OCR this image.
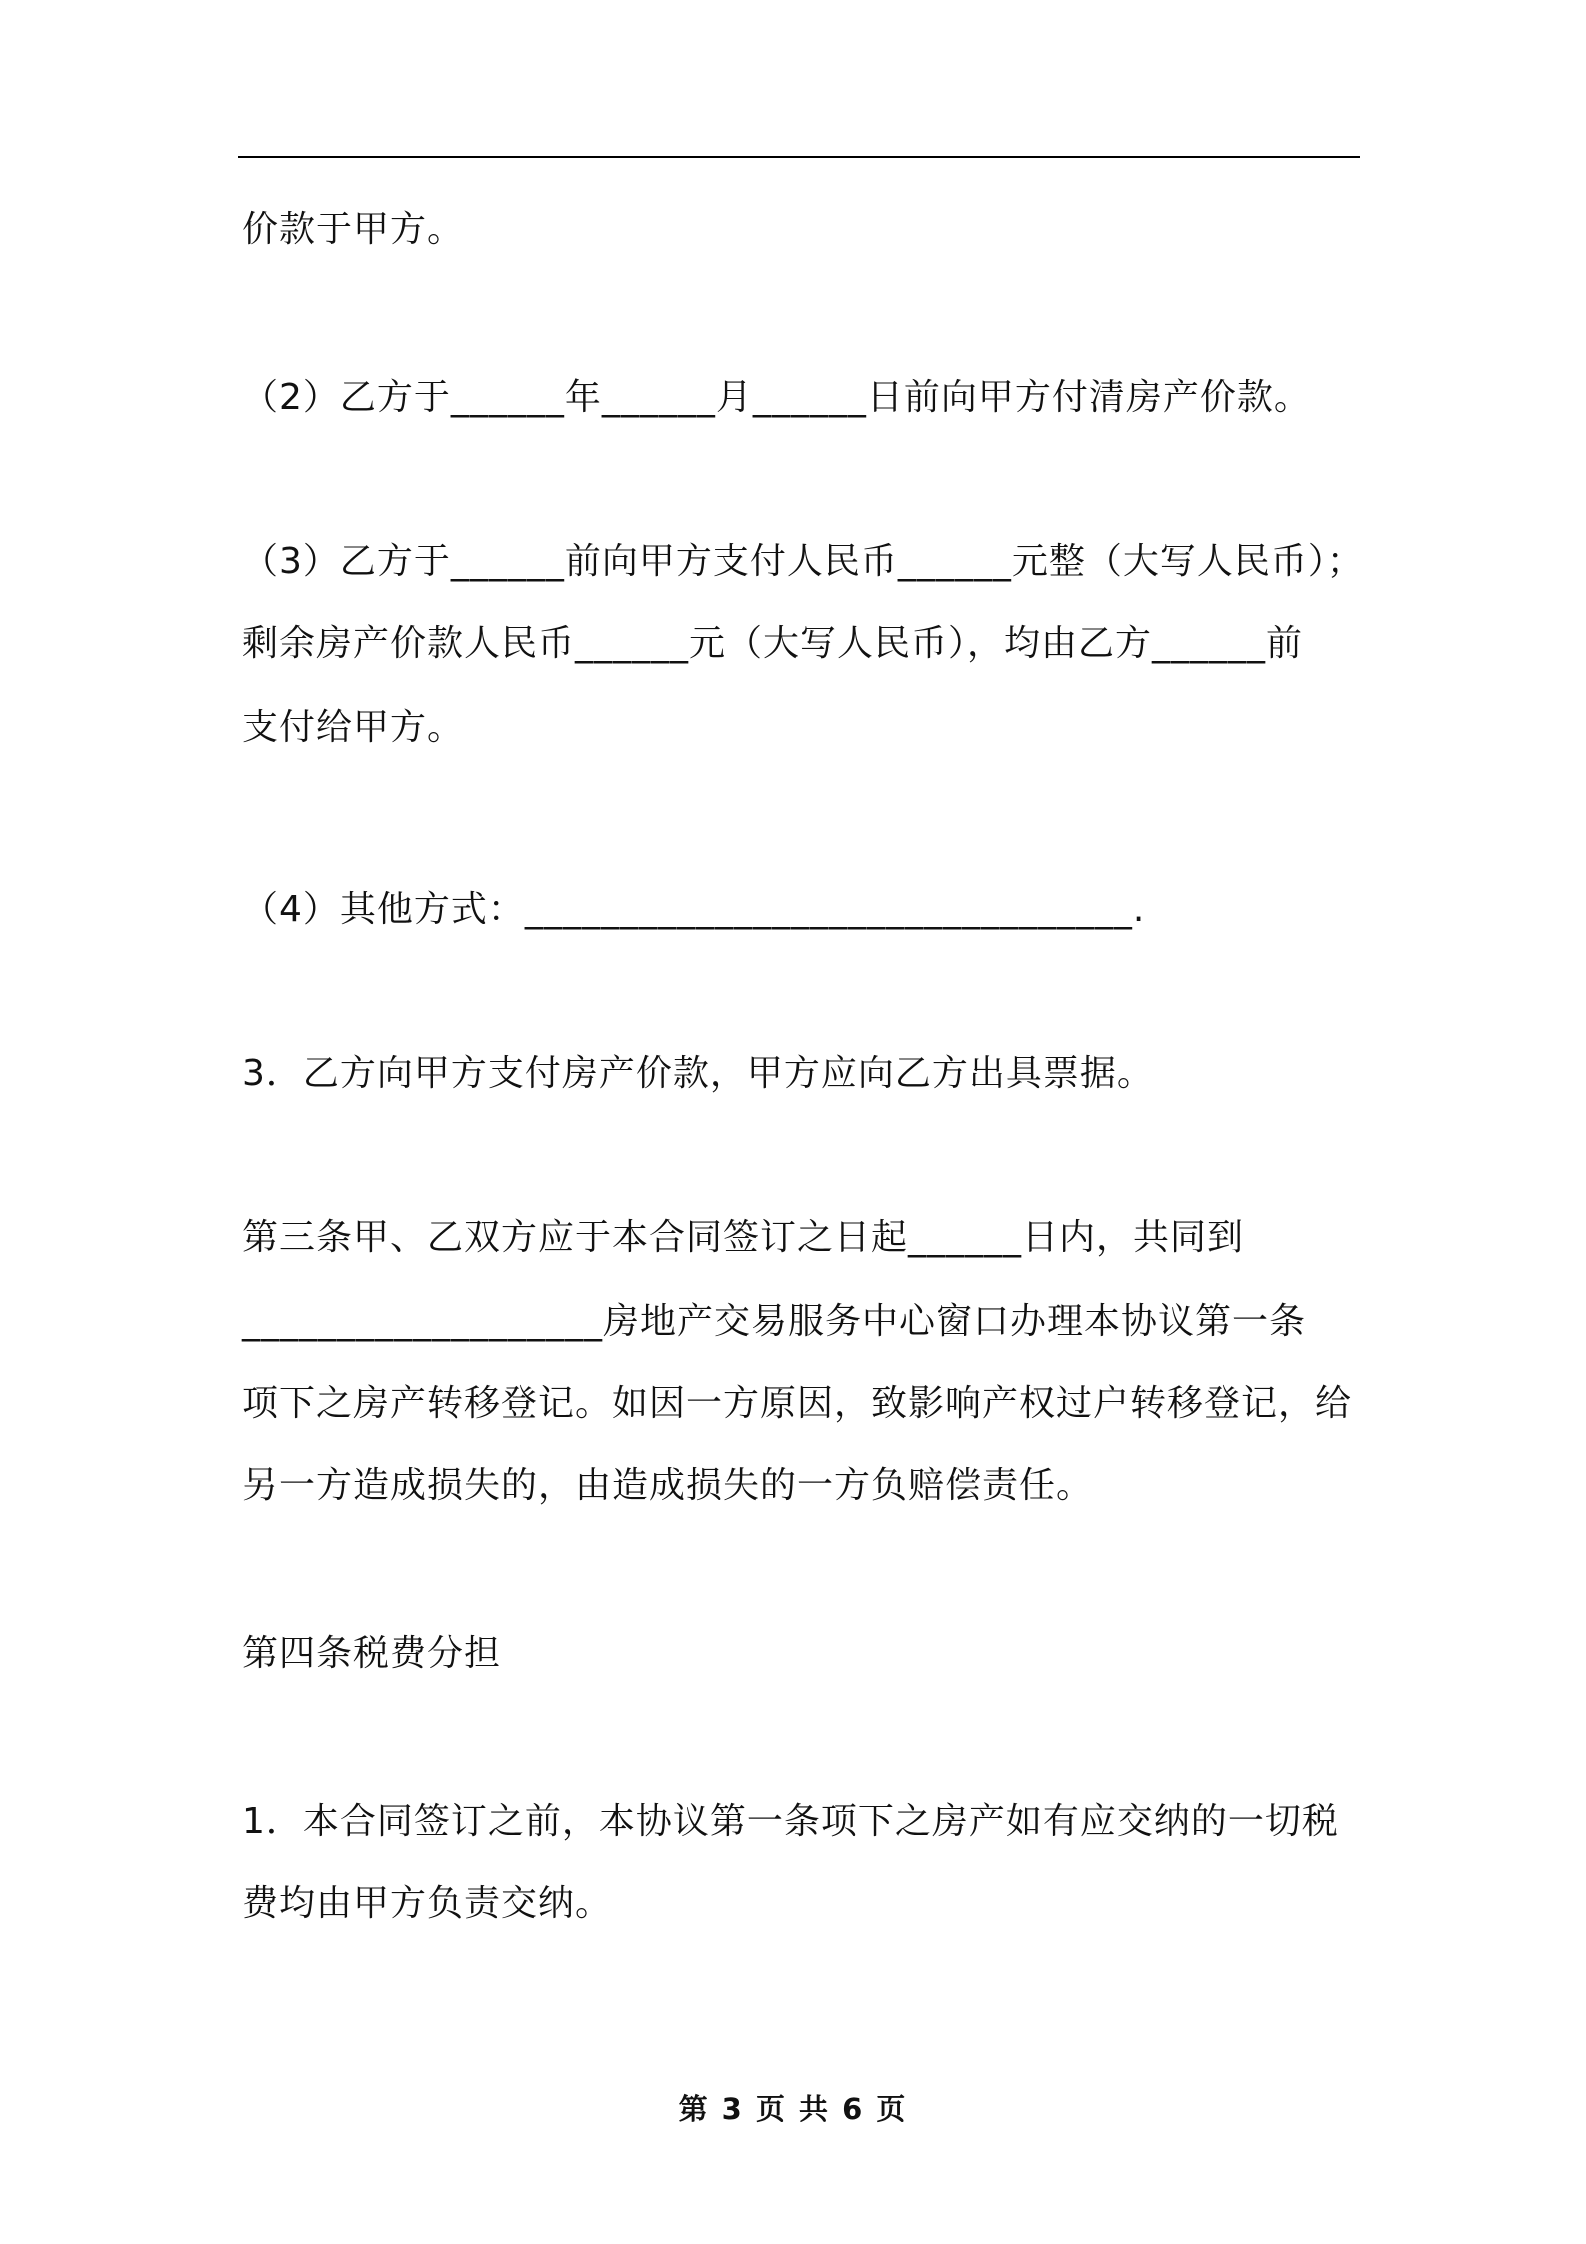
价款于甲方。
（2）乙方于______年______月______日前向甲方付清房产价款。
（3）乙方于______前向甲方支付人民币______元整（大写人民币）；
剩余房产价款人民币______元（大写人民币），均由乙方______前
支付给甲方。
（4）其他方式：________________________________.
3．乙方向甲方支付房产价款，甲方应向乙方出具票据。
第三条甲、乙双方应于本合同签订之日起______日内，共同到
___________________房地产交易服务中心窗口办理本协议第一条
项下之房产转移登记。如因一方原因，致影响产权过户转移登记，给
另一方造成损失的，由造成损失的一方负赔偿责任。
第四条税费分担
1．本合同签订之前，本协议第一条项下之房产如有应交纳的一切税
费均由甲方负责交纳。
第 3 页 共 6 页
